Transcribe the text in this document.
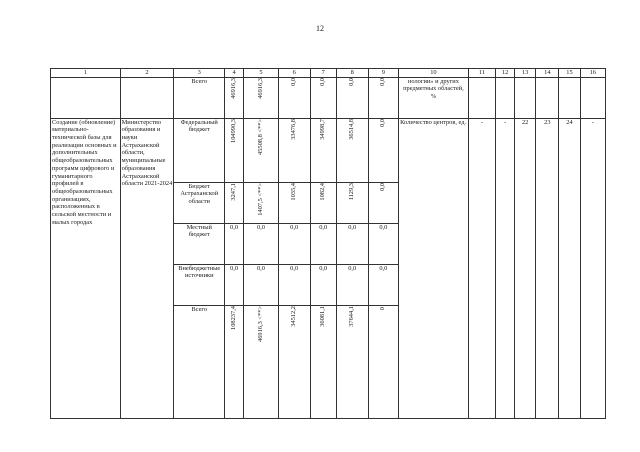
12
1	2	3	4	5	6	7	8	9	10	11	12	13	14	15	16
		Всего	46916,3	46916,3	0,0	0,0	0,0	0,0	нологии» и других предметных областей, %						
Создание (обновление) материально-технической базы для реализации основных и дополнительных общеобразовательных программ цифрового и гуманитарного профилей в общеобразовательных организациях, расположенных в сельской местности и малых городах	Министерство образования и науки Астраханской области, муниципальные образования Астраханской области 2021-2024	Федеральный бюджет	104990,3	45508,8 <**>	33476,8	34998,7	36514,8	0,0	Количество центров, ед.	-	-	22	23	24	-
		Бюджет Астраханской области	3247,1	1407,5 <**>	1035,4	1082,4	1129,3	0,0							
		Местный бюджет	0,0	0,0	0,0	0,0	0,0	0,0							
		Внебюджетные источники	0,0	0,0	0,0	0,0	0,0	0,0							
		Всего	108237,4	46916,3 <**>	34512,2	36081,1	37644,1	0							
